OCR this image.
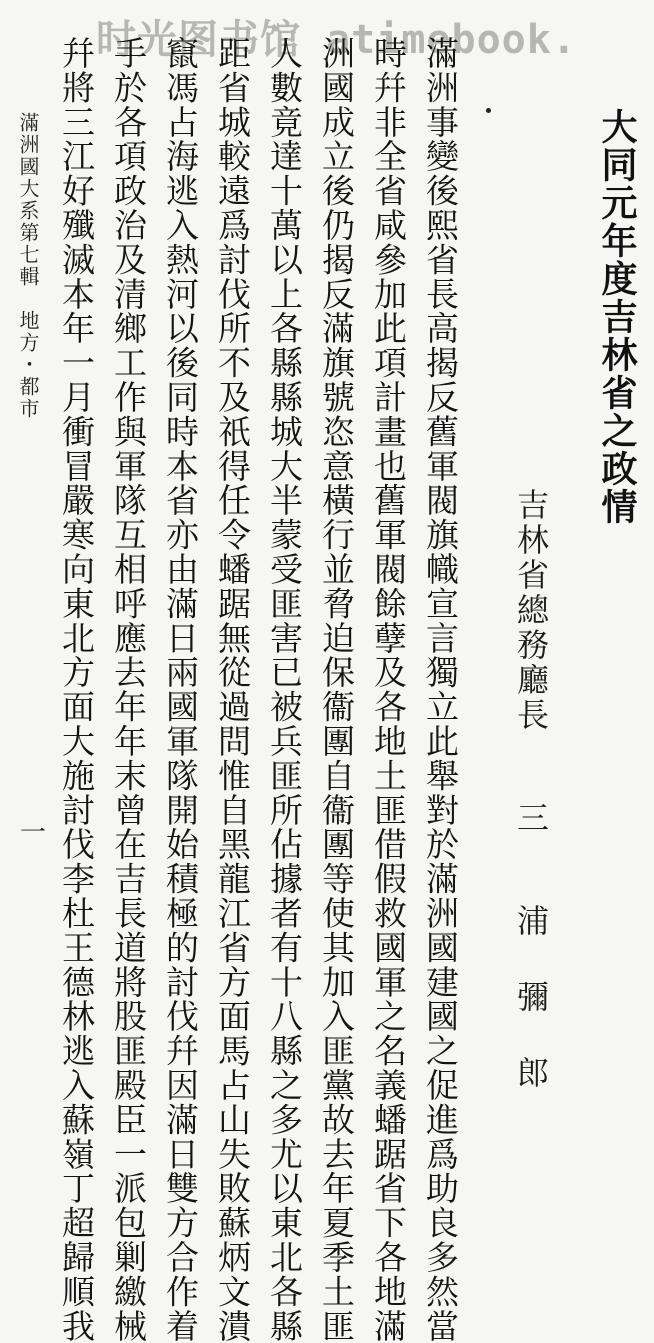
时光图书馆 atimebook.
大同元年度吉林省之政情
吉林省總務廳長三浦 彌 郎

滿洲事變後熙省長高揭反舊軍閥旗幟宣言獨立此舉對於滿洲國建國之促進爲助良多然當

時幷非全省咸參加此項計畫也舊軍閥餘孽及各地土匪借假救國軍之名義蟠踞省下各地滿

洲國成立後仍揭反滿旗號恣意橫行並脅迫保衞團自衞團等使其加入匪黨故去年夏季土匪

人數竟達十萬以上各縣縣城大半蒙受匪害已被兵匪所佔據者有十八縣之多尤以東北各縣

距省城較遠爲討伐所不及祇得任令蟠踞無從過問惟自黑龍江省方面馬占山失敗蘇炳文潰

竄馮占海逃入熱河以後同時本省亦由滿日兩國軍隊開始積極的討伐幷因滿日雙方合作着

手於各項政治及清鄉工作與軍隊互相呼應去年年末曾在吉長道將股匪殿臣一派包剿繳械

幷將三江好殲滅本年一月衝冒嚴寒向東北方面大施討伐李杜王德林逃入蘇嶺丁超歸順我

滿洲國大系第七輯地方・都市
一
